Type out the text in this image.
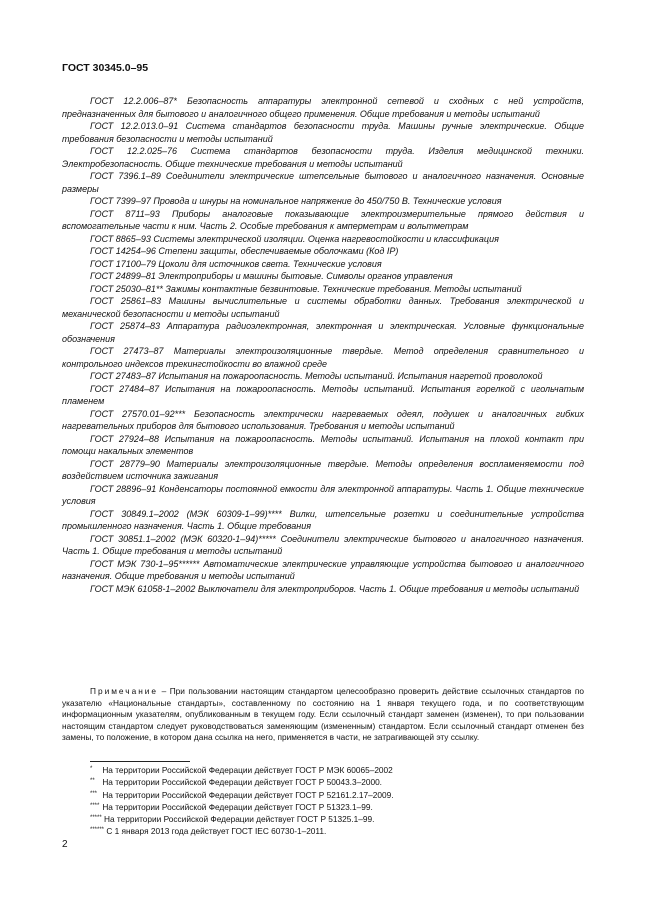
ГОСТ 30345.0–95

ГОСТ 12.2.006–87* Безопасность аппаратуры электронной сетевой и сходных с ней устройств, предназначенных для бытового и аналогичного общего применения. Общие требования и методы испытаний

ГОСТ 12.2.013.0–91 Система стандартов безопасности труда. Машины ручные электрические. Общие требования безопасности и методы испытаний

ГОСТ 12.2.025–76 Система стандартов безопасности труда. Изделия медицинской техники. Электробезопасность. Общие технические требования и методы испытаний

ГОСТ 7396.1–89 Соединители электрические штепсельные бытового и аналогичного назначения. Основные размеры

ГОСТ 7399–97 Провода и шнуры на номинальное напряжение до 450/750 В. Технические условия

ГОСТ 8711–93 Приборы аналоговые показывающие электроизмерительные прямого действия и вспомогательные части к ним. Часть 2. Особые требования к амперметрам и вольтметрам

ГОСТ 8865–93 Системы электрической изоляции. Оценка нагревостойкости и классификация

ГОСТ 14254–96 Степени защиты, обеспечиваемые оболочками (Код IP)

ГОСТ 17100–79 Цоколи для источников света. Технические условия

ГОСТ 24899–81 Электроприборы и машины бытовые. Символы органов управления

ГОСТ 25030–81** Зажимы контактные безвинтовые. Технические требования. Методы испытаний

ГОСТ 25861–83 Машины вычислительные и системы обработки данных. Требования электрической и механической безопасности и методы испытаний

ГОСТ 25874–83 Аппаратура радиоэлектронная, электронная и электрическая. Условные функциональные обозначения

ГОСТ 27473–87 Материалы электроизоляционные твердые. Метод определения сравнительного и контрольного индексов трекингстойкости во влажной среде

ГОСТ 27483–87 Испытания на пожароопасность. Методы испытаний. Испытания нагретой проволокой

ГОСТ 27484–87 Испытания на пожароопасность. Методы испытаний. Испытания горелкой с игольчатым пламенем

ГОСТ 27570.01–92*** Безопасность электрически нагреваемых одеял, подушек и аналогичных гибких нагревательных приборов для бытового использования. Требования и методы испытаний

ГОСТ 27924–88 Испытания на пожароопасность. Методы испытаний. Испытания на плохой контакт при помощи накальных элементов

ГОСТ 28779–90 Материалы электроизоляционные твердые. Методы определения воспламеняемости под воздействием источника зажигания

ГОСТ 28896–91 Конденсаторы постоянной емкости для электронной аппаратуры. Часть 1. Общие технические условия

ГОСТ 30849.1–2002 (МЭК 60309-1–99)**** Вилки, штепсельные розетки и соединительные устройства промышленного назначения. Часть 1. Общие требования

ГОСТ 30851.1–2002 (МЭК 60320-1–94)***** Соединители электрические бытового и аналогичного назначения. Часть 1. Общие требования и методы испытаний

ГОСТ МЭК 730-1–95****** Автоматические электрические управляющие устройства бытового и аналогичного назначения. Общие требования и методы испытаний

ГОСТ МЭК 61058-1–2002 Выключатели для электроприборов. Часть 1. Общие требования и методы испытаний

Примечание – При пользовании настоящим стандартом целесообразно проверить действие ссылочных стандартов по указателю «Национальные стандарты», составленному по состоянию на 1 января текущего года, и по соответствующим информационным указателям, опубликованным в текущем году. Если ссылочный стандарт заменен (изменен), то при пользовании настоящим стандартом следует руководствоваться заменяющим (измененным) стандартом. Если ссылочный стандарт отменен без замены, то положение, в котором дана ссылка на него, применяется в части, не затрагивающей эту ссылку.

* На территории Российской Федерации действует ГОСТ Р МЭК 60065–2002

** На территории Российской Федерации действует ГОСТ Р 50043.3–2000.

*** На территории Российской Федерации действует ГОСТ Р 52161.2.17–2009.

**** На территории Российской Федерации действует ГОСТ Р 51323.1–99.

***** На территории Российской Федерации действует ГОСТ Р 51325.1–99.

****** С 1 января 2013 года действует ГОСТ IEC 60730-1–2011.

2
